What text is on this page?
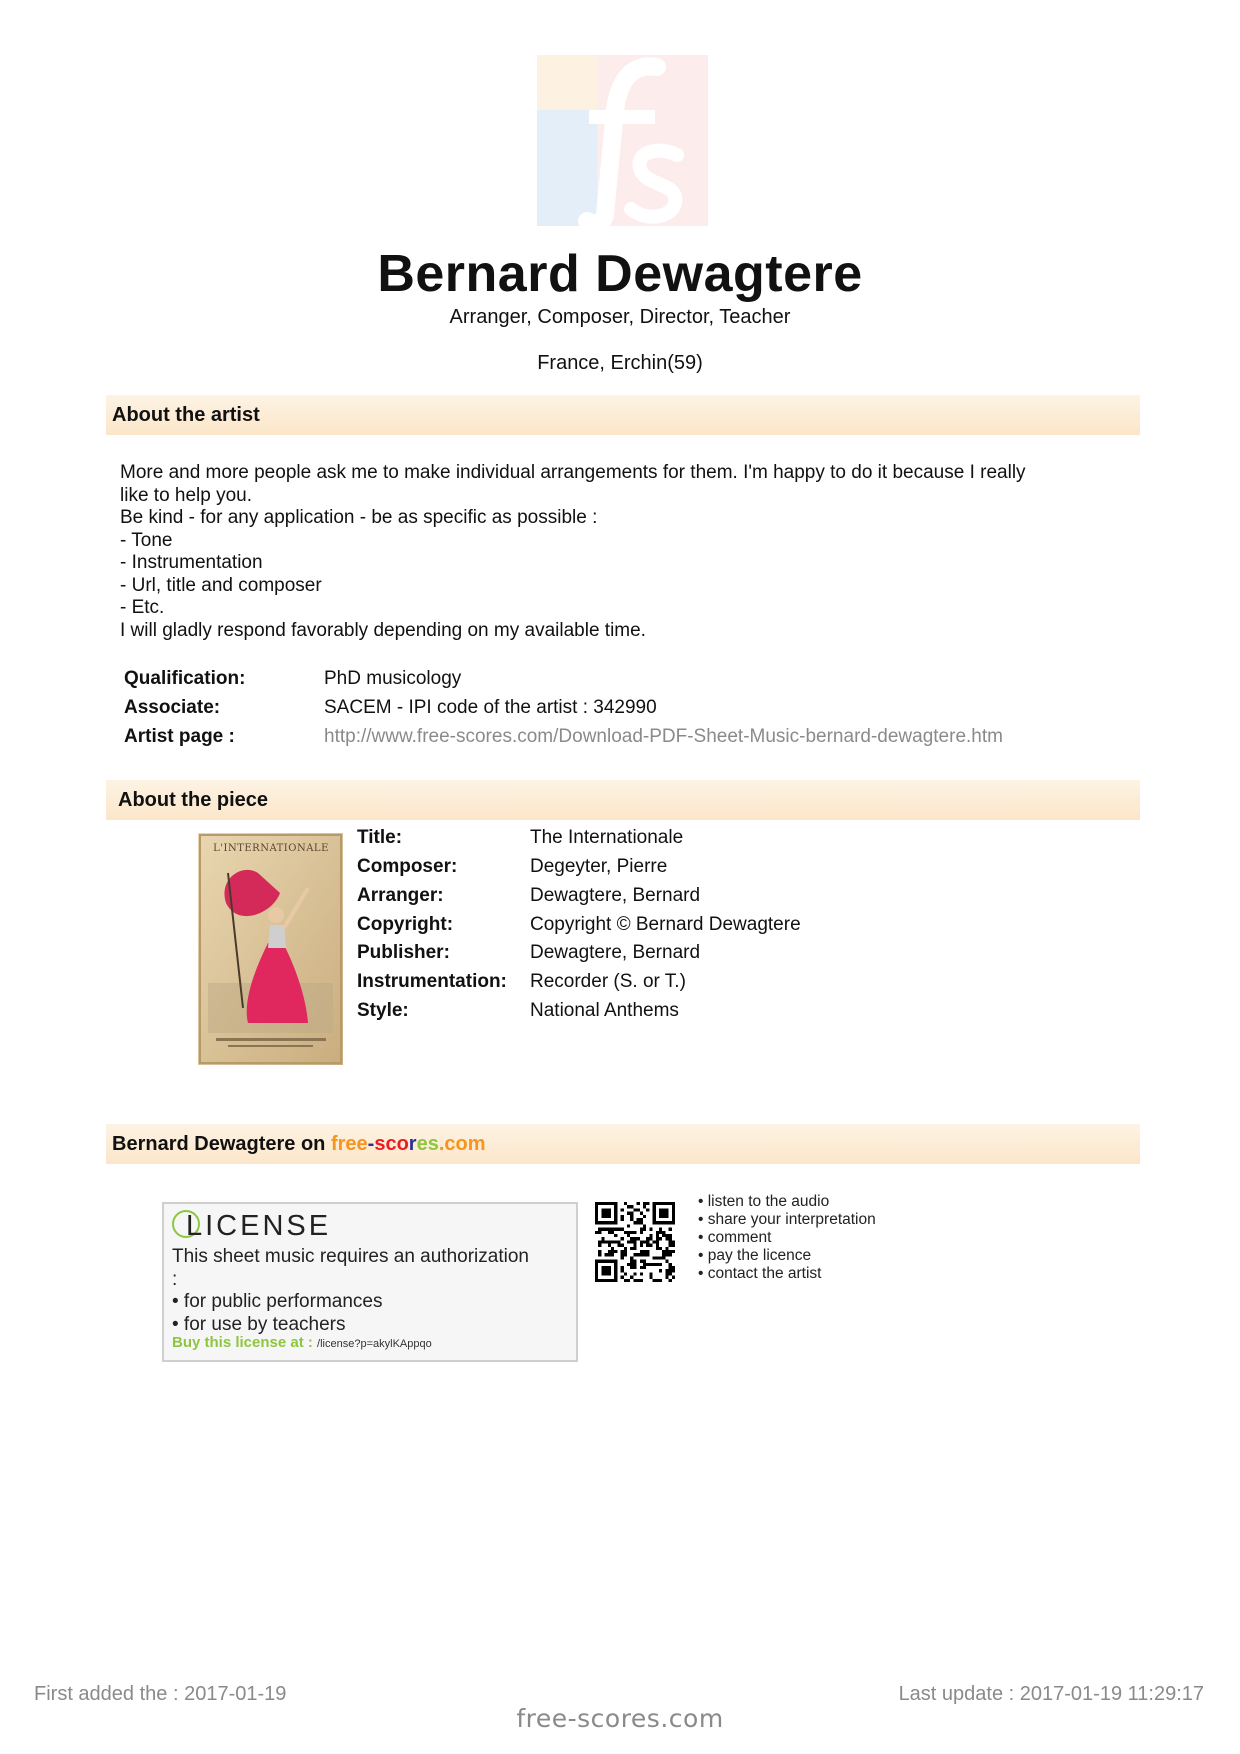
Bernard Dewagtere
Arranger, Composer, Director, Teacher
France, Erchin(59)
About the artist
More and more people ask me to make individual arrangements for them. I'm happy to do it because I really
like to help you.
Be kind - for any application - be as specific as possible :
- Tone
- Instrumentation
- Url, title and composer
- Etc.
I will gladly respond favorably depending on my available time.
Qualification:	PhD musicology
Associate:	SACEM - IPI code of the artist : 342990
Artist page :	http://www.free-scores.com/Download-PDF-Sheet-Music-bernard-dewagtere.htm
About the piece
L'INTERNATIONALE
Title:	The Internationale
Composer:	Degeyter, Pierre
Arranger:	Dewagtere, Bernard
Copyright:	Copyright © Bernard Dewagtere
Publisher:	Dewagtere, Bernard
Instrumentation: Recorder (S. or T.)
Style:	National Anthems
Bernard Dewagtere on free-scores.com
LICENSE
This sheet music requires an authorization
:
• for public performances
• for use by teachers
Buy this license at : /license?p=akylKAppqo
• listen to the audio
• share your interpretation
• comment
• pay the licence
• contact the artist
First added the : 2017-01-19	Last update : 2017-01-19 11:29:17
free-scores.com
